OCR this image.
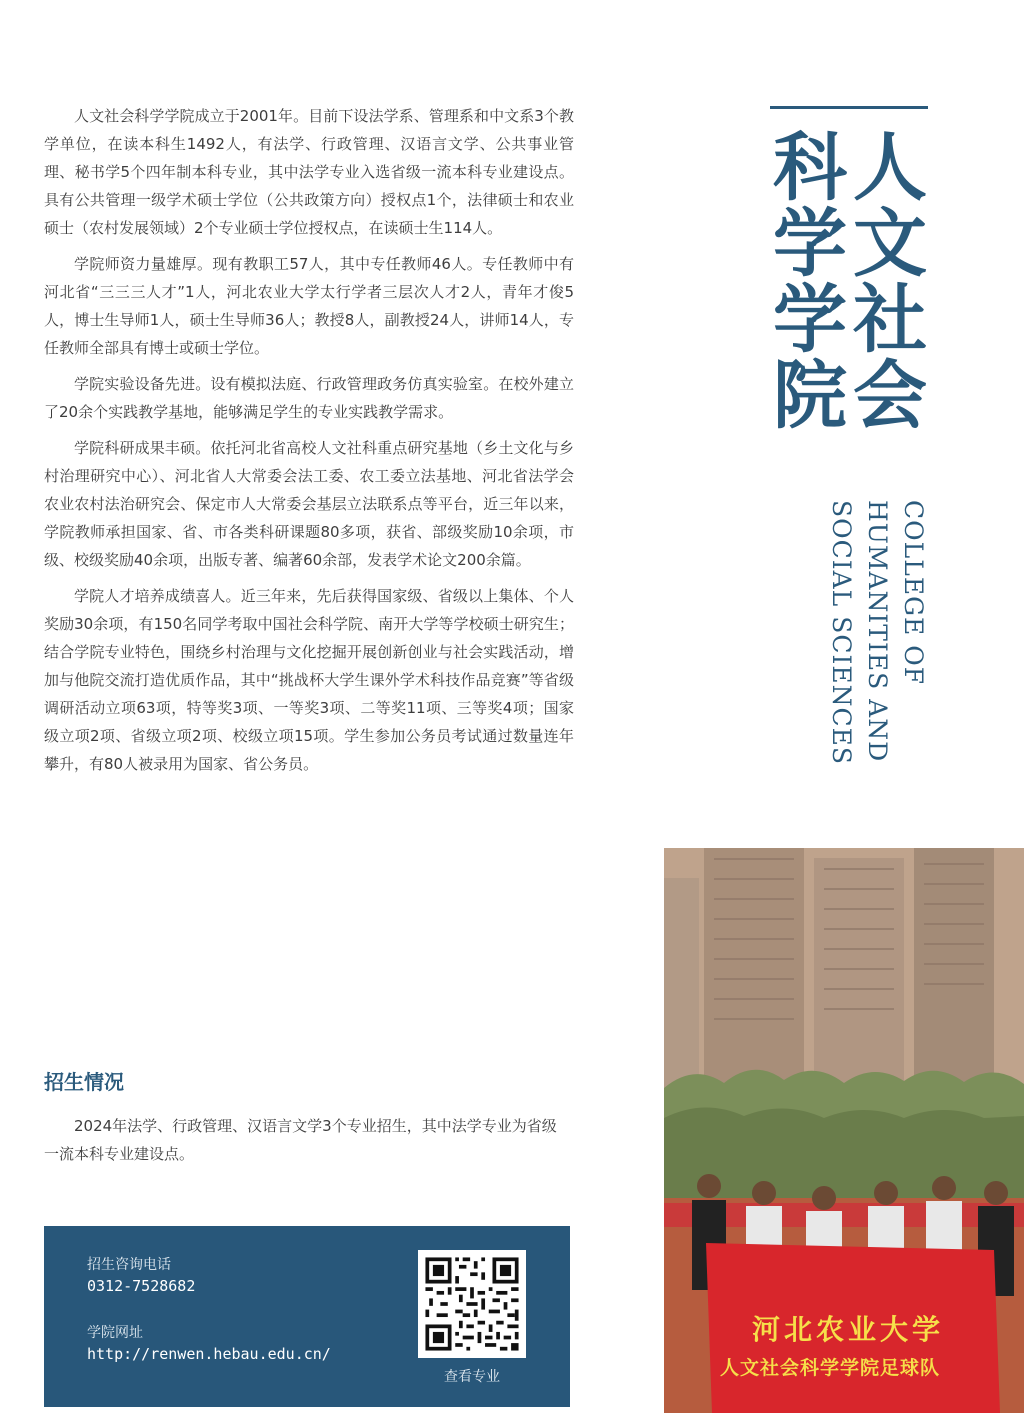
人文社会科学学院成立于2001年。目前下设法学系、管理系和中文系3个教学单位，在读本科生1492人，有法学、行政管理、汉语言文学、公共事业管理、秘书学5个四年制本科专业，其中法学专业入选省级一流本科专业建设点。具有公共管理一级学术硕士学位（公共政策方向）授权点1个，法律硕士和农业硕士（农村发展领域）2个专业硕士学位授权点，在读硕士生114人。

学院师资力量雄厚。现有教职工57人，其中专任教师46人。专任教师中有河北省“三三三人才”1人，河北农业大学太行学者三层次人才2人，青年才俊5人，博士生导师1人，硕士生导师36人；教授8人，副教授24人，讲师14人，专任教师全部具有博士或硕士学位。

学院实验设备先进。设有模拟法庭、行政管理政务仿真实验室。在校外建立了20余个实践教学基地，能够满足学生的专业实践教学需求。

学院科研成果丰硕。依托河北省高校人文社科重点研究基地（乡土文化与乡村治理研究中心）、河北省人大常委会法工委、农工委立法基地、河北省法学会农业农村法治研究会、保定市人大常委会基层立法联系点等平台，近三年以来，学院教师承担国家、省、市各类科研课题80多项，获省、部级奖励10余项，市级、校级奖励40余项，出版专著、编著60余部，发表学术论文200余篇。

学院人才培养成绩喜人。近三年来，先后获得国家级、省级以上集体、个人奖励30余项，有150名同学考取中国社会科学院、南开大学等学校硕士研究生；结合学院专业特色，围绕乡村治理与文化挖掘开展创新创业与社会实践活动，增加与他院交流打造优质作品，其中“挑战杯大学生课外学术科技作品竞赛”等省级调研活动立项63项，特等奖3项、一等奖3项、二等奖11项、三等奖4项；国家级立项2项、省级立项2项、校级立项15项。学生参加公务员考试通过数量连年攀升，有80人被录用为国家、省公务员。

人
文
社
会
科
学
学
院
COLLEGE OF
HUMANITIES AND
SOCIAL SCIENCES
招生情况

2024年法学、行政管理、汉语言文学3个专业招生，其中法学专业为省级一流本科专业建设点。

招生咨询电话
0312-7528682
学院网址
http://renwen.hebau.edu.cn/
查看专业
河北农业大学
人文社会科学学院足球队
